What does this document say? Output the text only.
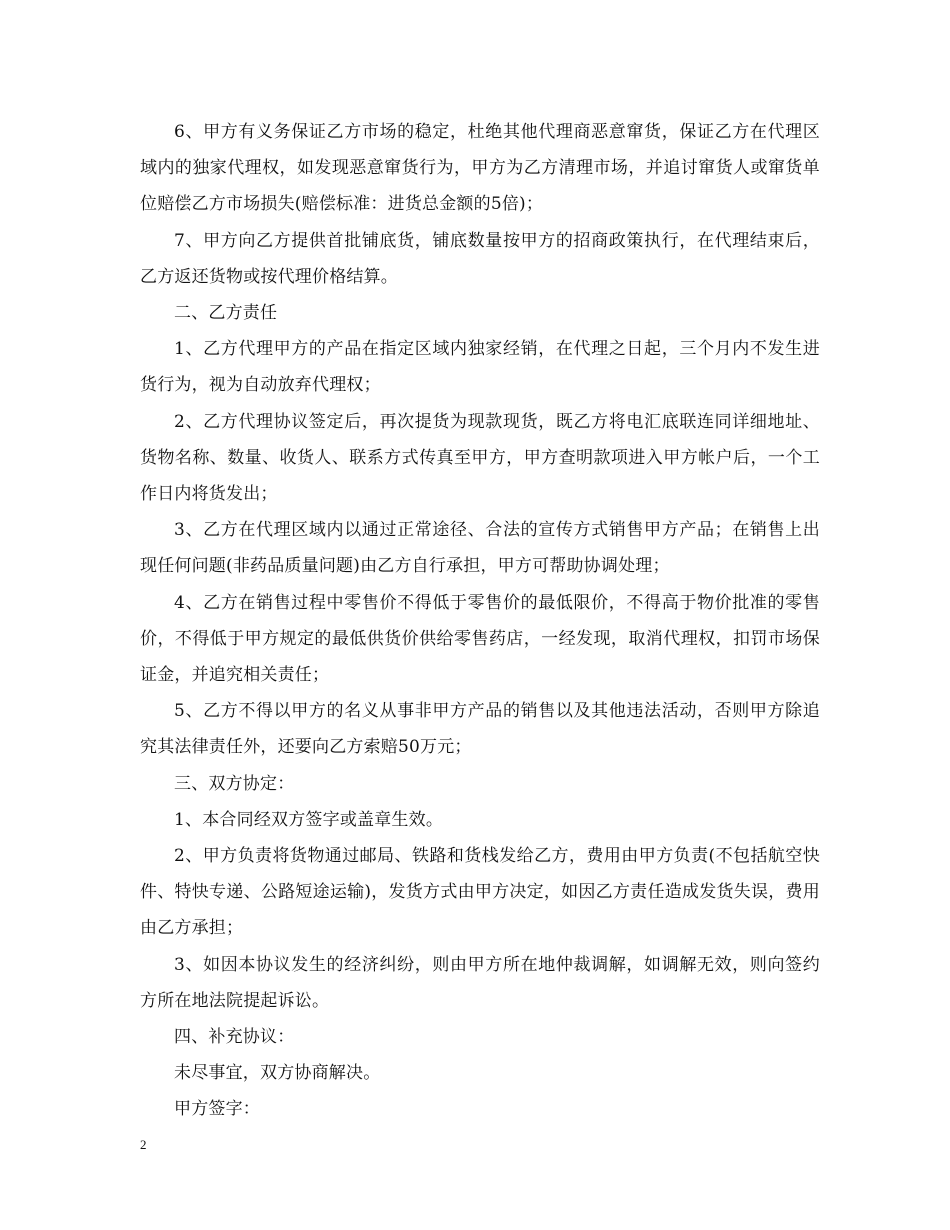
6、甲方有义务保证乙方市场的稳定，杜绝其他代理商恶意窜货，保证乙方在代理区域内的独家代理权，如发现恶意窜货行为，甲方为乙方清理市场，并追讨窜货人或窜货单位赔偿乙方市场损失(赔偿标准：进货总金额的5倍)；

7、甲方向乙方提供首批铺底货，铺底数量按甲方的招商政策执行，在代理结束后，乙方返还货物或按代理价格结算。

二、乙方责任

1、乙方代理甲方的产品在指定区域内独家经销，在代理之日起，三个月内不发生进货行为，视为自动放弃代理权；

2、乙方代理协议签定后，再次提货为现款现货，既乙方将电汇底联连同详细地址、货物名称、数量、收货人、联系方式传真至甲方，甲方查明款项进入甲方帐户后，一个工作日内将货发出；

3、乙方在代理区域内以通过正常途径、合法的宣传方式销售甲方产品；在销售上出现任何问题(非药品质量问题)由乙方自行承担，甲方可帮助协调处理；

4、乙方在销售过程中零售价不得低于零售价的最低限价，不得高于物价批准的零售价，不得低于甲方规定的最低供货价供给零售药店，一经发现，取消代理权，扣罚市场保证金，并追究相关责任；

5、乙方不得以甲方的名义从事非甲方产品的销售以及其他违法活动，否则甲方除追究其法律责任外，还要向乙方索赔50万元；

三、双方协定：

1、本合同经双方签字或盖章生效。

2、甲方负责将货物通过邮局、铁路和货栈发给乙方，费用由甲方负责(不包括航空快件、特快专递、公路短途运输)，发货方式由甲方决定，如因乙方责任造成发货失误，费用由乙方承担；

3、如因本协议发生的经济纠纷，则由甲方所在地仲裁调解，如调解无效，则向签约方所在地法院提起诉讼。

四、补充协议：

未尽事宜，双方协商解决。

甲方签字：

2
